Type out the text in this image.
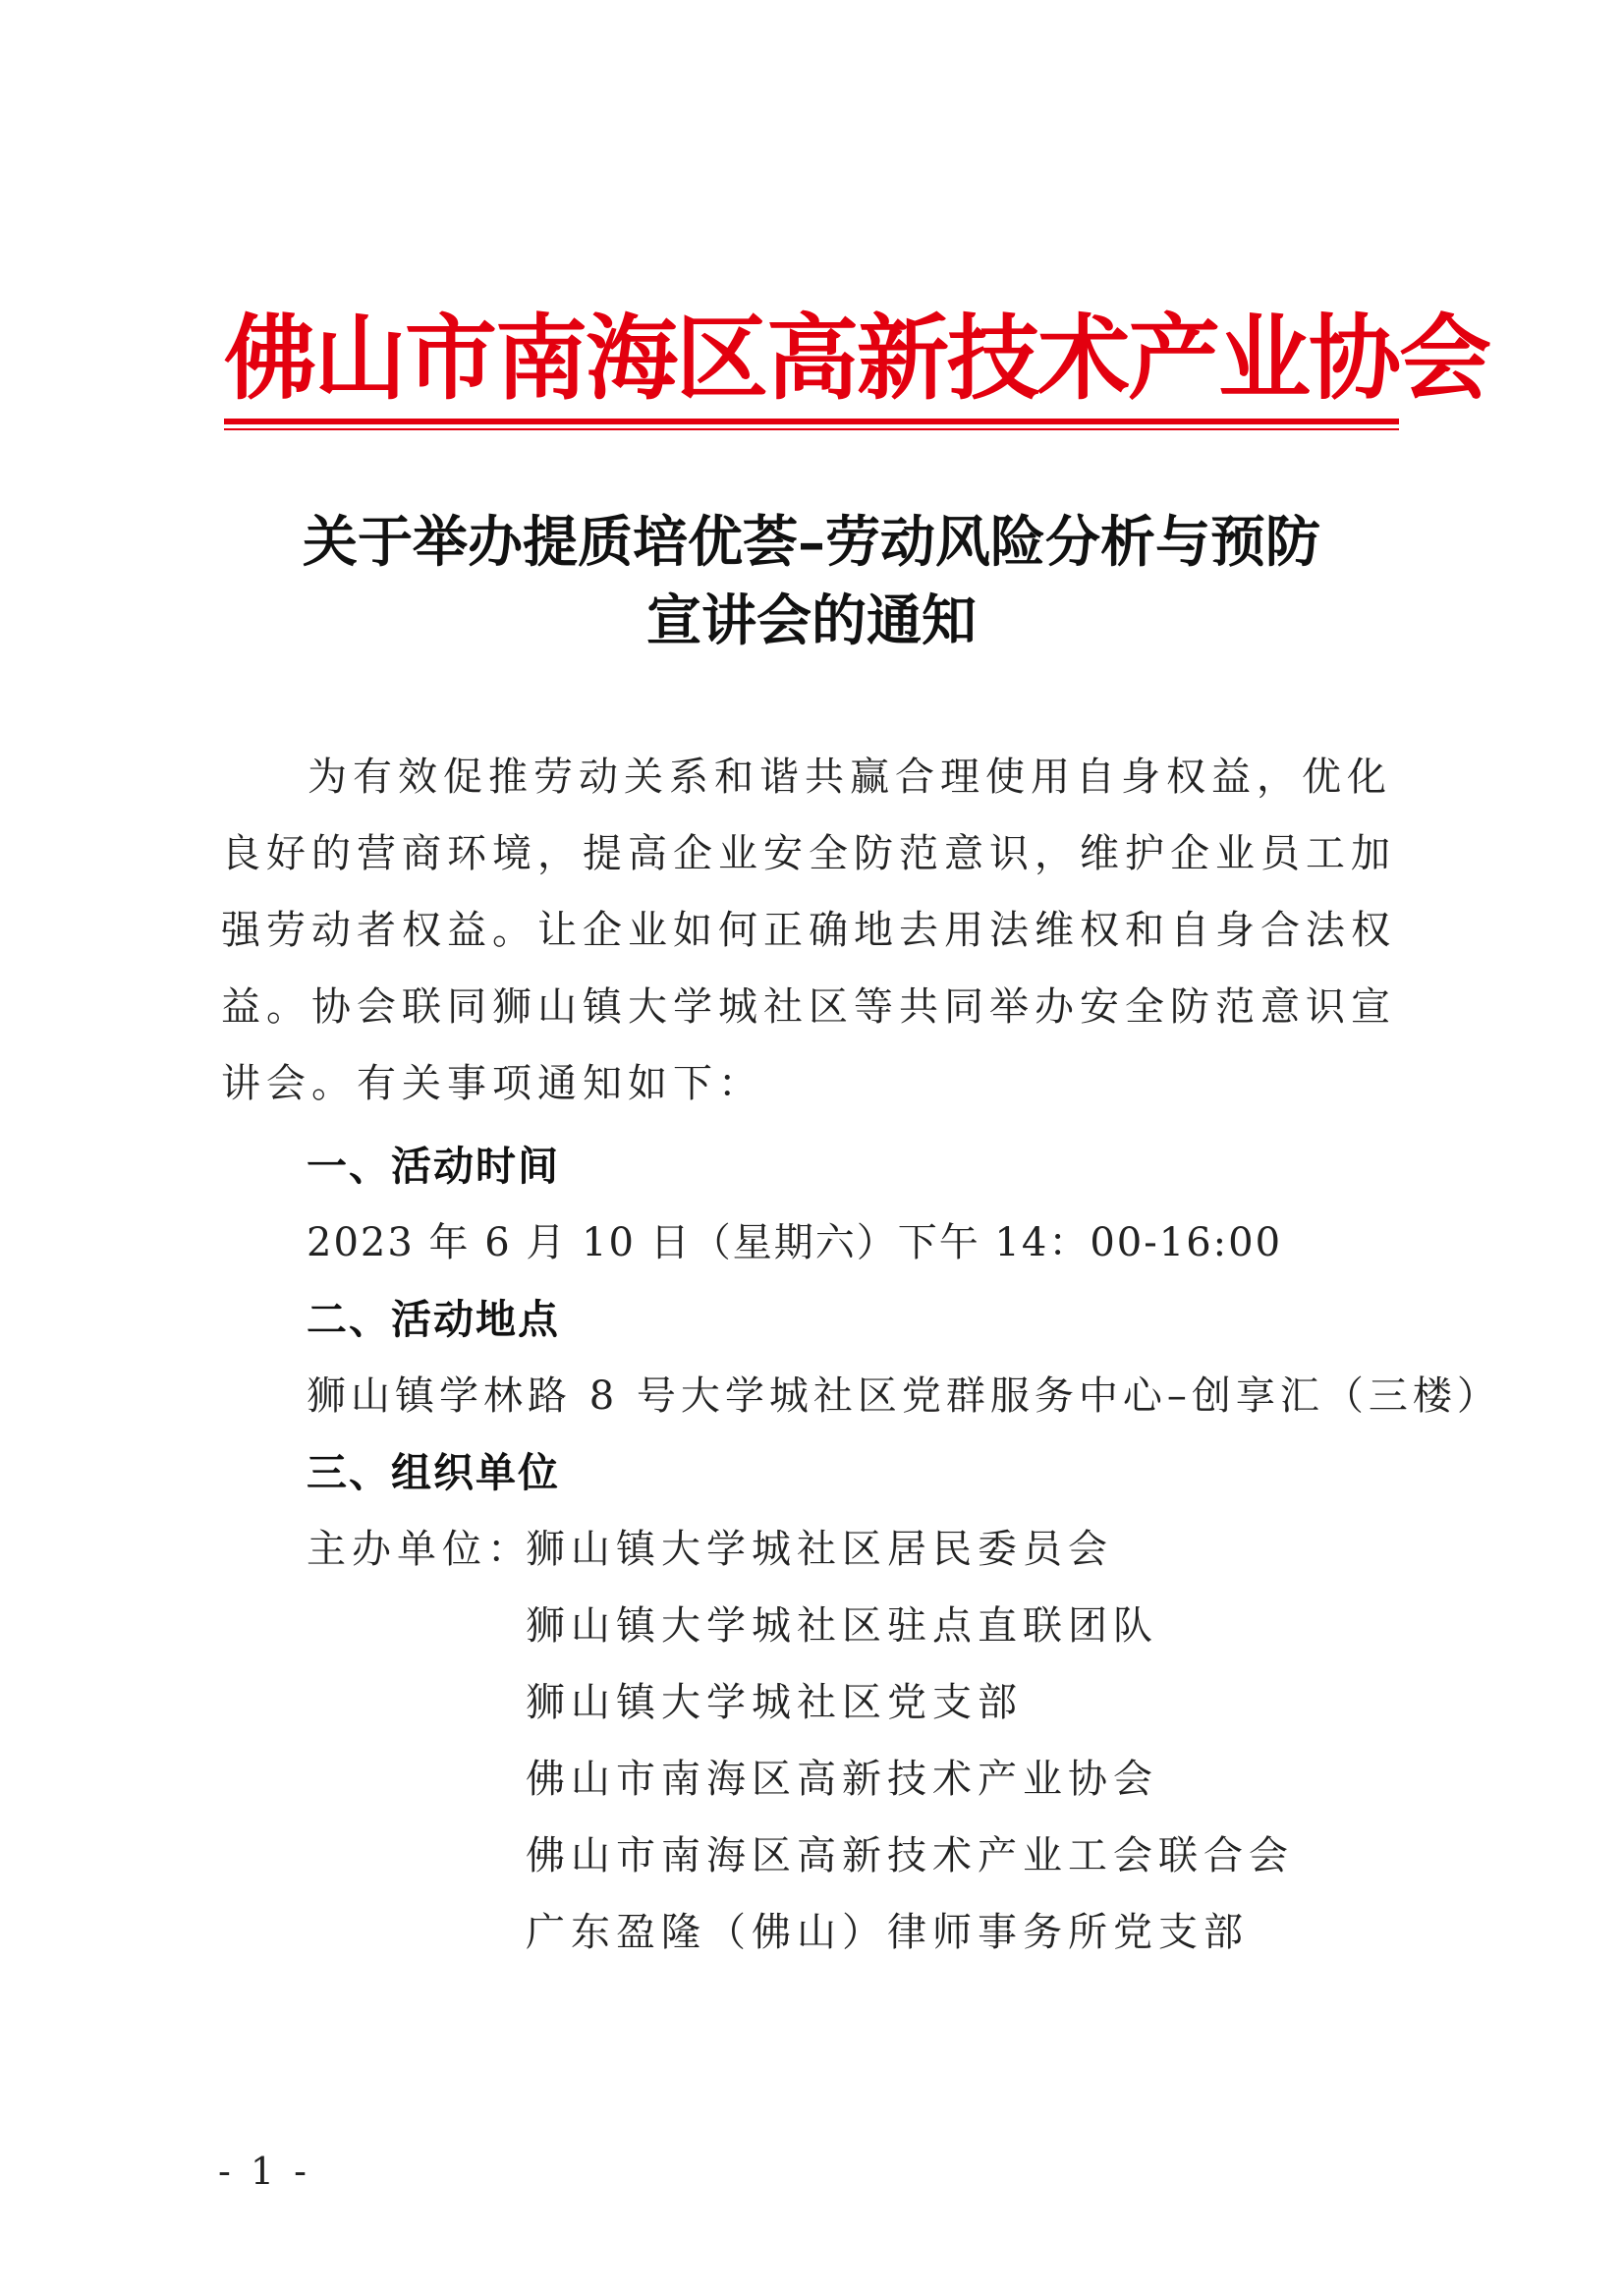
佛山市南海区高新技术产业协会
关于举办提质培优荟–劳动风险分析与预防
宣讲会的通知
为有效促推劳动关系和谐共赢合理使用自身权益，优化良好的营商环境，提高企业安全防范意识，维护企业员工加强劳动者权益。让企业如何正确地去用法维权和自身合法权益。协会联同狮山镇大学城社区等共同举办安全防范意识宣讲会。有关事项通知如下：
一、活动时间
2023 年 6 月 10 日（星期六）下午 14：00-16:00
二、活动地点
狮山镇学林路 8 号大学城社区党群服务中心–创享汇（三楼）
三、组织单位
主办单位：
狮山镇大学城社区居民委员会
狮山镇大学城社区驻点直联团队
狮山镇大学城社区党支部
佛山市南海区高新技术产业协会
佛山市南海区高新技术产业工会联合会
广东盈隆（佛山）律师事务所党支部
- 1 -
